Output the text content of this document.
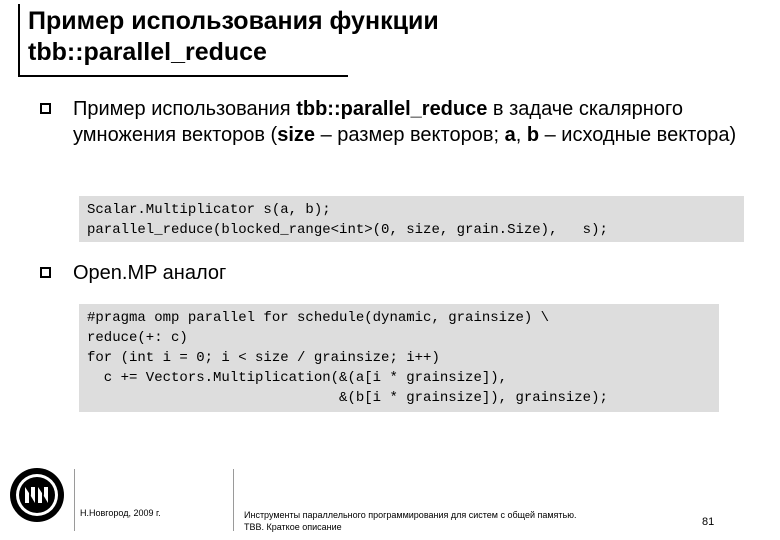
Пример использования функции
tbb::parallel_reduce
Пример использования tbb::parallel_reduce в задаче скалярного умножения векторов (size – размер векторов; a, b – исходные вектора)
Scalar.Multiplicator s(a, b);
parallel_reduce(blocked_range<int>(0, size, grain.Size),   s);
Open.MP аналог
#pragma omp parallel for schedule(dynamic, grainsize) \
reduce(+: c)
for (int i = 0; i < size / grainsize; i++)
c += Vectors.Multiplication(&(a[i * grainsize]),
&(b[i * grainsize]), grainsize);
Н.Новгород, 2009 г.	Инструменты параллельного программирования для систем с общей памятью.
TBB. Краткое описание	81
